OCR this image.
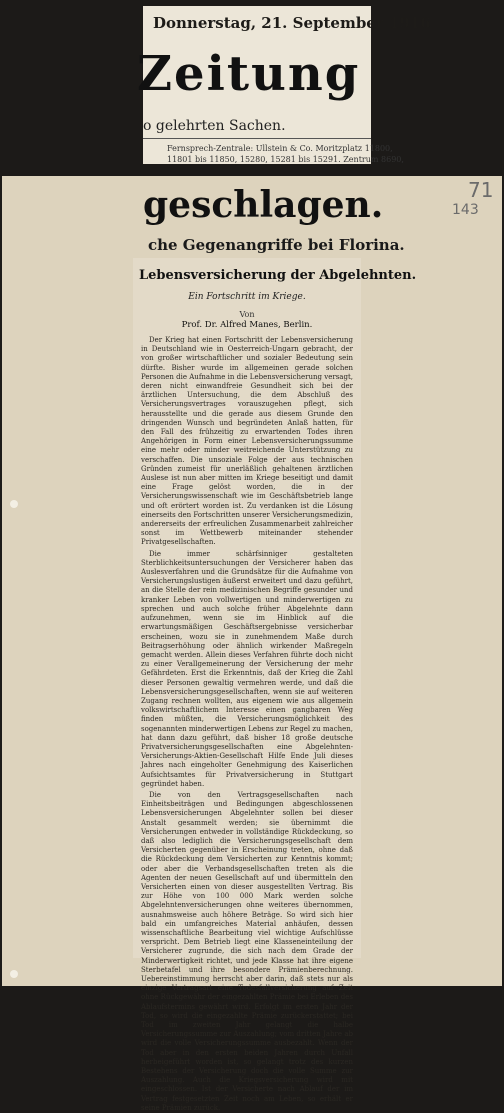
Donnerstag, 21. September 1916
Zeitung
o gelehrten Sachen.
Fernsprech-Zentrale: Ullstein & Co. Moritzplatz 11800,
11801 bis 11850, 15280, 15281 bis 15291. Zentrum 8690,
geschlagen.
che Gegenangriffe bei Florina.
71
143
Lebensversicherung der Abgelehnten.
Ein Fortschritt im Kriege.
Von
Prof. Dr. Alfred Manes, Berlin.

Der Krieg hat einen Fortschritt der Lebensversicherung in Deutschland wie in Oesterreich-Ungarn gebracht, der von großer wirtschaftlicher und sozialer Bedeutung sein dürfte. Bisher wurde im allgemeinen gerade solchen Personen die Aufnahme in die Lebensversicherung versagt, deren nicht einwandfreie Gesundheit sich bei der ärztlichen Untersuchung, die dem Abschluß des Versicherungsvertrages vorauszugehen pflegt, sich herausstellte und die gerade aus diesem Grunde den dringenden Wunsch und begründeten Anlaß hatten, für den Fall des frühzeitig zu erwartenden Todes ihren Angehörigen in Form einer Lebensversicherungssumme eine mehr oder minder weitreichende Unterstützung zu verschaffen. Die unsoziale Folge der aus technischen Gründen zumeist für unerläßlich gehaltenen ärztlichen Auslese ist nun aber mitten im Kriege beseitigt und damit eine Frage gelöst worden, die in der Versicherungswissenschaft wie im Geschäftsbetrieb lange und oft erörtert worden ist. Zu verdanken ist die Lösung einerseits den Fortschritten unserer Versicherungsmedizin, andererseits der erfreulichen Zusammenarbeit zahlreicher sonst im Wettbewerb miteinander stehender Privatgesellschaften.

Die immer schärfsinniger gestalteten Sterblichkeitsuntersuchungen der Versicherer haben das Auslesverfahren und die Grundsätze für die Aufnahme von Versicherungslustigen äußerst erweitert und dazu geführt, an die Stelle der rein medizinischen Begriffe gesunder und kranker Leben von vollwertigen und minderwertigen zu sprechen und auch solche früher Abgelehnte dann aufzunehmen, wenn sie im Hinblick auf die erwartungsmäßigen Geschäftsergebnisse versicherbar erscheinen, wozu sie in zunehmendem Maße durch Beitragserhöhung oder ähnlich wirkender Maßregeln gemacht werden. Allein dieses Verfahren führte doch nicht zu einer Verallgemeinerung der Versicherung der mehr Gefährdeten. Erst die Erkenntnis, daß der Krieg die Zahl dieser Personen gewaltig vermehren werde, und daß die Lebensversicherungsgesellschaften, wenn sie auf weiteren Zugang rechnen wollten, aus eigenem wie aus allgemein volkswirtschaftlichem Interesse einen gangbaren Weg finden müßten, die Versicherungsmöglichkeit des sogenannten minderwertigen Lebens zur Regel zu machen, hat dann dazu geführt, daß bisher 18 große deutsche Privatversicherungsgesellschaften eine Abgelehnten-Versicherungs-Aktien-Gesellschaft Hilfe Ende Juli dieses Jahres nach eingeholter Genehmigung des Kaiserlichen Aufsichtsamtes für Privatversicherung in Stuttgart gegründet haben.

Die von den Vertragsgesellschaften nach Einheitsbeiträgen und Bedingungen abgeschlossenen Lebensversicherungen Abgelehnter sollen bei dieser Anstalt gesammelt werden; sie übernimmt die Versicherungen entweder in vollständige Rückdeckung, so daß also lediglich die Versicherungsgesellschaft dem Versicherten gegenüber in Erscheinung treten, ohne daß die Rückdeckung dem Versicherten zur Kenntnis kommt; oder aber die Verbandsgesellschaften treten als die Agenten der neuen Gesellschaft auf und übermitteln den Versicherten einen von dieser ausgestellten Vertrag. Bis zur Höhe von 100 000 Mark werden solche Abgelehntenversicherungen ohne weiteres übernommen, ausnahmsweise auch höhere Beträge. So wird sich hier bald ein umfangreiches Material anhäufen, dessen wissenschaftliche Bearbeitung viel wichtige Aufschlüsse verspricht. Dem Betrieb liegt eine Klasseneinteilung der Versicherer zugrunde, die sich nach dem Grade der Minderwertigkeit richtet, und jede Klasse hat ihre eigene Sterbetafel und ihre besondere Prämienberechnung. Uebereinstimmung herrscht aber darin, daß stets nur als einzige Vertragsart eine Todesfallversicherung auf Zeit ohne Rückgewähr der eingezahlten Prämie bei Erleben des Ablaufstermins gewährt wird. Erfolgt im ersten Jahr der Tod, so wird die eingezahlte Prämie zurückerstattet; bei Tod im zweiten Jahr gelangt die halbe Versicherungssumme zur Auszahlung; vom dritten Jahre ab wird die volle Versicherungssumme ausbezahlt. Wenn der Tod aber in den ersten beiden Jahren durch Unfall herbeigeführt worden ist, so gelangt trotz des kurzen Bestehens der Versicherung doch die volle Summe zur Auszahlung. Auch die Kriegsversicherung wird mit eingeschlossen. Ist der Versicherte nach Ablauf der im Vertrag festgesetzten Zeit noch am Leben, so erhält er seine Prämien zurück.
